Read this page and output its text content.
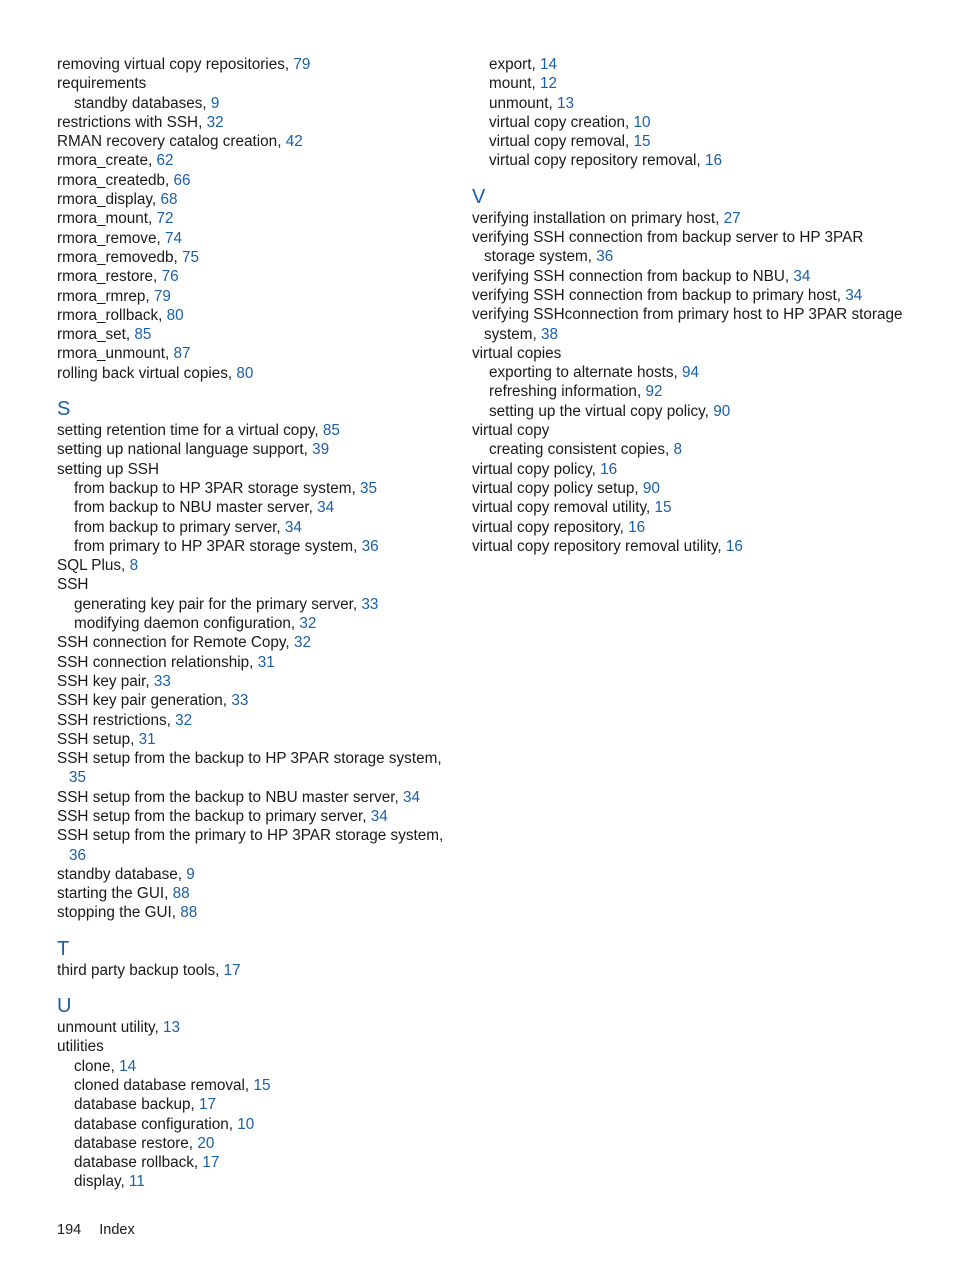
removing virtual copy repositories, 79
requirements
standby databases, 9
restrictions with SSH, 32
RMAN recovery catalog creation, 42
rmora_create, 62
rmora_createdb, 66
rmora_display, 68
rmora_mount, 72
rmora_remove, 74
rmora_removedb, 75
rmora_restore, 76
rmora_rmrep, 79
rmora_rollback, 80
rmora_set, 85
rmora_unmount, 87
rolling back virtual copies, 80
S
setting retention time for a virtual copy, 85
setting up national language support, 39
setting up SSH
from backup to HP 3PAR storage system, 35
from backup to NBU master server, 34
from backup to primary server, 34
from primary to HP 3PAR storage system, 36
SQL Plus, 8
SSH
generating key pair for the primary server, 33
modifying daemon configuration, 32
SSH connection for Remote Copy, 32
SSH connection relationship, 31
SSH key pair, 33
SSH key pair generation, 33
SSH restrictions, 32
SSH setup, 31
SSH setup from the backup to HP 3PAR storage system, 35
SSH setup from the backup to NBU master server, 34
SSH setup from the backup to primary server, 34
SSH setup from the primary to HP 3PAR storage system, 36
standby database, 9
starting the GUI, 88
stopping the GUI, 88
T
third party backup tools, 17
U
unmount utility, 13
utilities
clone, 14
cloned database removal, 15
database backup, 17
database configuration, 10
database restore, 20
database rollback, 17
display, 11
export, 14
mount, 12
unmount, 13
virtual copy creation, 10
virtual copy removal, 15
virtual copy repository removal, 16
V
verifying installation on primary host, 27
verifying SSH connection from backup server to HP 3PAR storage system, 36
verifying SSH connection from backup to NBU, 34
verifying SSH connection from backup to primary host, 34
verifying SSHconnection from primary host to HP 3PAR storage system, 38
virtual copies
exporting to alternate hosts, 94
refreshing information, 92
setting up the virtual copy policy, 90
virtual copy
creating consistent copies, 8
virtual copy policy, 16
virtual copy policy setup, 90
virtual copy removal utility, 15
virtual copy repository, 16
virtual copy repository removal utility, 16
194 Index
